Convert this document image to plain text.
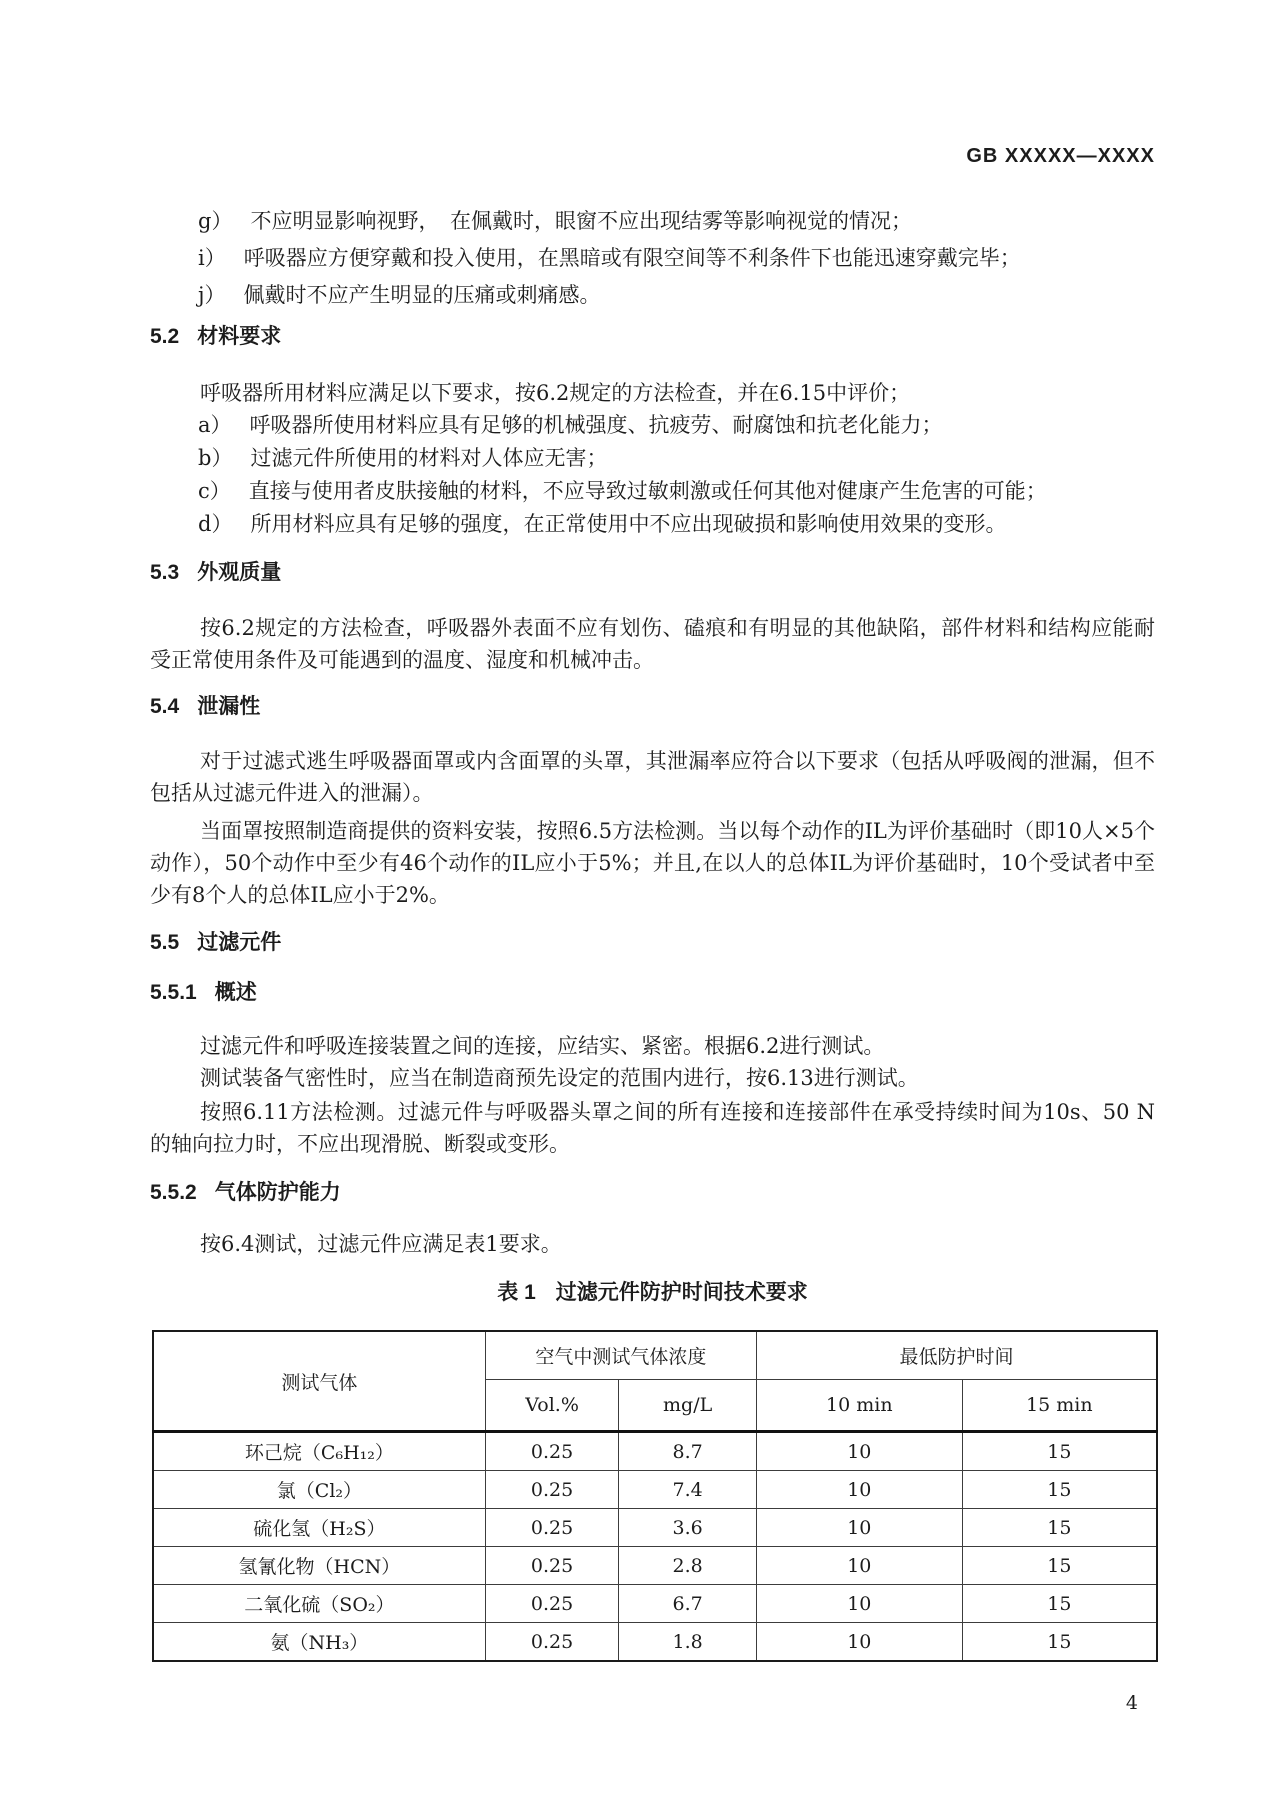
GB XXXXX—XXXX
g） 不应明显影响视野，　在佩戴时，眼窗不应出现结雾等影响视觉的情况；
i） 呼吸器应方便穿戴和投入使用，在黑暗或有限空间等不利条件下也能迅速穿戴完毕；
j） 佩戴时不应产生明显的压痛或刺痛感。
5.2 材料要求

呼吸器所用材料应满足以下要求，按6.2规定的方法检查，并在6.15中评价；

a） 呼吸器所使用材料应具有足够的机械强度、抗疲劳、耐腐蚀和抗老化能力；
b） 过滤元件所使用的材料对人体应无害；
c） 直接与使用者皮肤接触的材料，不应导致过敏刺激或任何其他对健康产生危害的可能；
d） 所用材料应具有足够的强度，在正常使用中不应出现破损和影响使用效果的变形。
5.3 外观质量

按6.2规定的方法检查，呼吸器外表面不应有划伤、磕痕和有明显的其他缺陷，部件材料和结构应能耐受正常使用条件及可能遇到的温度、湿度和机械冲击。

5.4 泄漏性

对于过滤式逃生呼吸器面罩或内含面罩的头罩，其泄漏率应符合以下要求（包括从呼吸阀的泄漏，但不包括从过滤元件进入的泄漏）。

当面罩按照制造商提供的资料安装，按照6.5方法检测。当以每个动作的IL为评价基础时（即10人×5个动作），50个动作中至少有46个动作的IL应小于5%；并且,在以人的总体IL为评价基础时，10个受试者中至少有8个人的总体IL应小于2%。

5.5 过滤元件
5.5.1 概述

过滤元件和呼吸连接装置之间的连接，应结实、紧密。根据6.2进行测试。

测试装备气密性时，应当在制造商预先设定的范围内进行，按6.13进行测试。

按照6.11方法检测。过滤元件与呼吸器头罩之间的所有连接和连接部件在承受持续时间为10s、50 N的轴向拉力时，不应出现滑脱、断裂或变形。

5.5.2 气体防护能力

按6.4测试，过滤元件应满足表1要求。

表 1 过滤元件防护时间技术要求
测试气体	空气中测试气体浓度		最低防护时间	
	Vol.%	mg/L	10 min	15 min
环己烷（C₆H₁₂）	0.25	8.7	10	15
氯（Cl₂）	0.25	7.4	10	15
硫化氢（H₂S）	0.25	3.6	10	15
氢氰化物（HCN）	0.25	2.8	10	15
二氧化硫（SO₂）	0.25	6.7	10	15
氨（NH₃）	0.25	1.8	10	15
4
